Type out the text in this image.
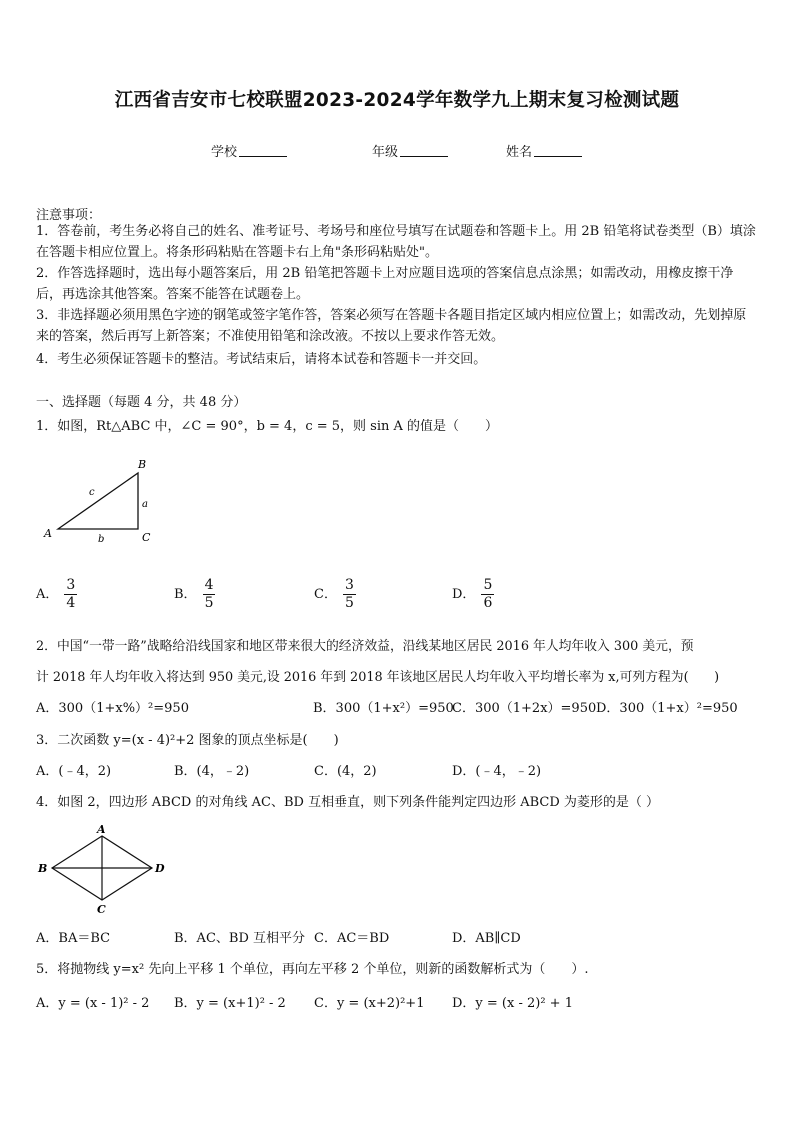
江西省吉安市七校联盟2023-2024学年数学九上期末复习检测试题
学校	年级	姓名
注意事项：
1．答卷前，考生务必将自己的姓名、准考证号、考场号和座位号填写在试题卷和答题卡上。用 2B 铅笔将试卷类型（B）填涂在答题卡相应位置上。将条形码粘贴在答题卡右上角"条形码粘贴处"。
2．作答选择题时，选出每小题答案后，用 2B 铅笔把答题卡上对应题目选项的答案信息点涂黑；如需改动，用橡皮擦干净后，再选涂其他答案。答案不能答在试题卷上。
3．非选择题必须用黑色字迹的钢笔或签字笔作答，答案必须写在答题卡各题目指定区域内相应位置上；如需改动，先划掉原来的答案，然后再写上新答案；不准使用铅笔和涂改液。不按以上要求作答无效。
4．考生必须保证答题卡的整洁。考试结束后，请将本试卷和答题卡一并交回。
一、选择题（每题 4 分，共 48 分）
1．如图，Rt△ABC 中，∠C = 90°，b = 4，c = 5，则 sin A 的值是（　　）
A
B
C
a
b
c
A． $\frac{3}{4}$	B． $\frac{4}{5}$	C． $\frac{3}{5}$	D． $\frac{5}{6}$
2．中国“一带一路”战略给沿线国家和地区带来很大的经济效益，沿线某地区居民 2016 年人均年收入 300 美元，预
计 2018 年人均年收入将达到 950 美元,设 2016 年到 2018 年该地区居民人均年收入平均增长率为 x,可列方程为(　　)
A．300（1+x%）²=950	B．300（1+x²）=950
C．300（1+2x）=950 D．300（1+x）²=950
3．二次函数 y=(x - 4)²+2 图象的顶点坐标是(　　)
A．(﹣4，2)	B．(4，﹣2)	C．(4，2)	D．(﹣4，﹣2)
4．如图 2，四边形 ABCD 的对角线 AC、BD 互相垂直，则下列条件能判定四边形 ABCD 为菱形的是（ ）
A
B
C
D
A．BA＝BC	B．AC、BD 互相平分 C．AC＝BD	D．AB∥CD
5．将抛物线 y=x² 先向上平移 1 个单位，再向左平移 2 个单位，则新的函数解析式为（　　）.
A．y = (x - 1)² - 2 B．y = (x+1)² - 2 C．y = (x+2)²+1 D．y = (x - 2)² + 1
